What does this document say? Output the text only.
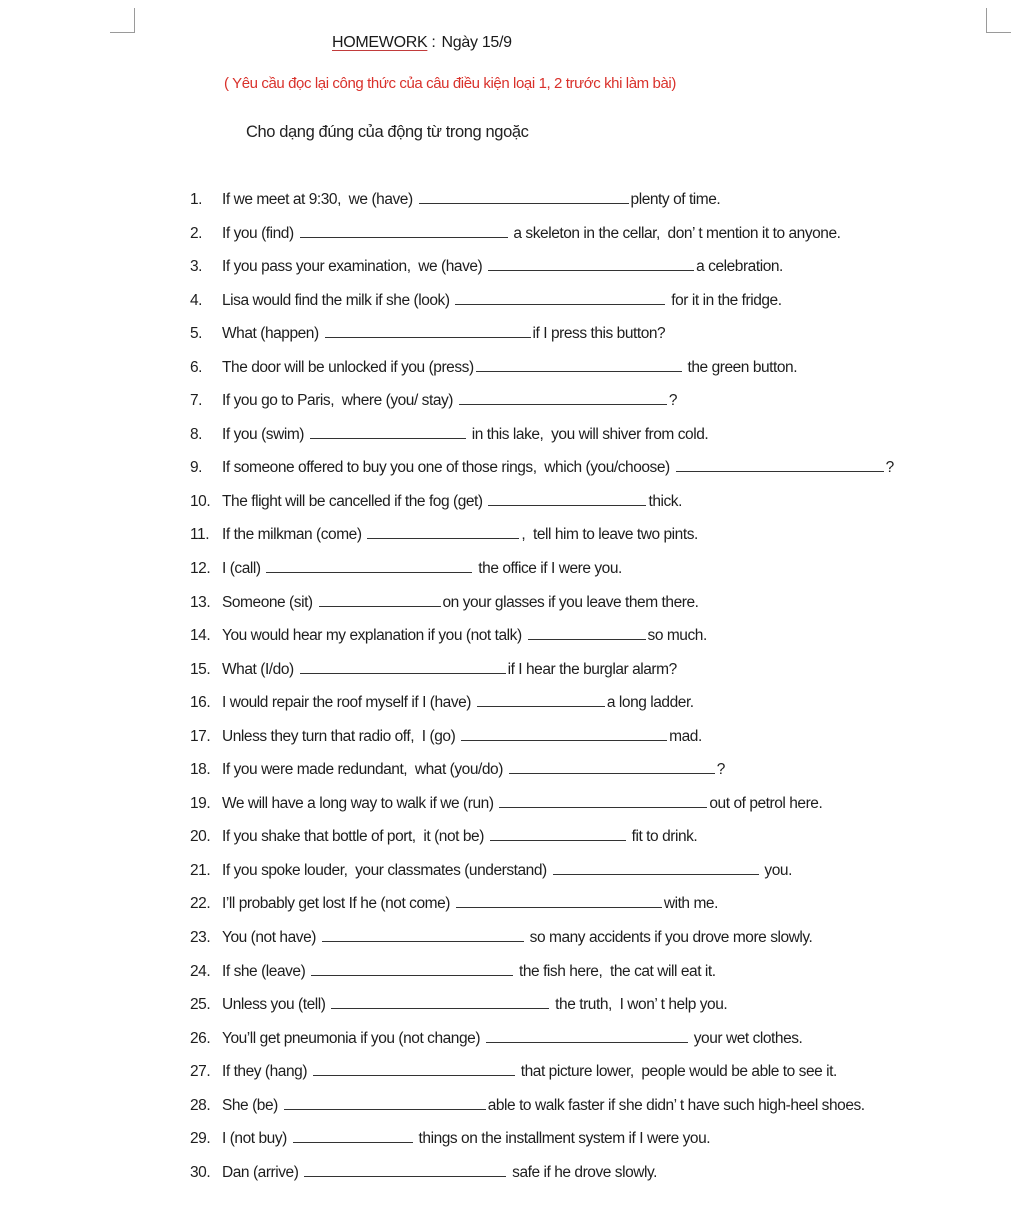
HOMEWORK : Ngày 15/9
( Yêu cầu đọc lại công thức của câu điều kiện loại 1, 2 trước khi làm bài)
Cho dạng đúng của động từ trong ngoặc
1. If we meet at 9:30,  we (have)	plenty of time.
2. If you (find)	a skeleton in the cellar,  don’ t mention it to anyone.
3. If you pass your examination,  we (have)	a celebration.
4. Lisa would find the milk if she (look)	for it in the fridge.
5. What (happen)	if I press this button?
6. The door will be unlocked if you (press)	the green button.
7. If you go to Paris,  where (you/ stay)	?
8. If you (swim)	in this lake,  you will shiver from cold.
9. If someone offered to buy you one of those rings,  which (you/choose)	?
10. The flight will be cancelled if the fog (get)	thick.
11. If the milkman (come)	,  tell him to leave two pints.
12. I (call)	the office if I were you.
13. Someone (sit)	on your glasses if you leave them there.
14. You would hear my explanation if you (not talk)	so much.
15. What (I/do)	if I hear the burglar alarm?
16. I would repair the roof myself if I (have)	a long ladder.
17. Unless they turn that radio off,  I (go)	mad.
18. If you were made redundant,  what (you/do)	?
19. We will have a long way to walk if we (run)	out of petrol here.
20. If you shake that bottle of port,  it (not be)	fit to drink.
21. If you spoke louder,  your classmates (understand)	you.
22. I’ll probably get lost If he (not come)	with me.
23. You (not have)	so many accidents if you drove more slowly.
24. If she (leave)	the fish here,  the cat will eat it.
25. Unless you (tell)	the truth,  I won’ t help you.
26. You’ll get pneumonia if you (not change)	your wet clothes.
27. If they (hang)	that picture lower,  people would be able to see it.
28. She (be)	able to walk faster if she didn’ t have such high-heel shoes.
29. I (not buy)	things on the installment system if I were you.
30. Dan (arrive)	safe if he drove slowly.
